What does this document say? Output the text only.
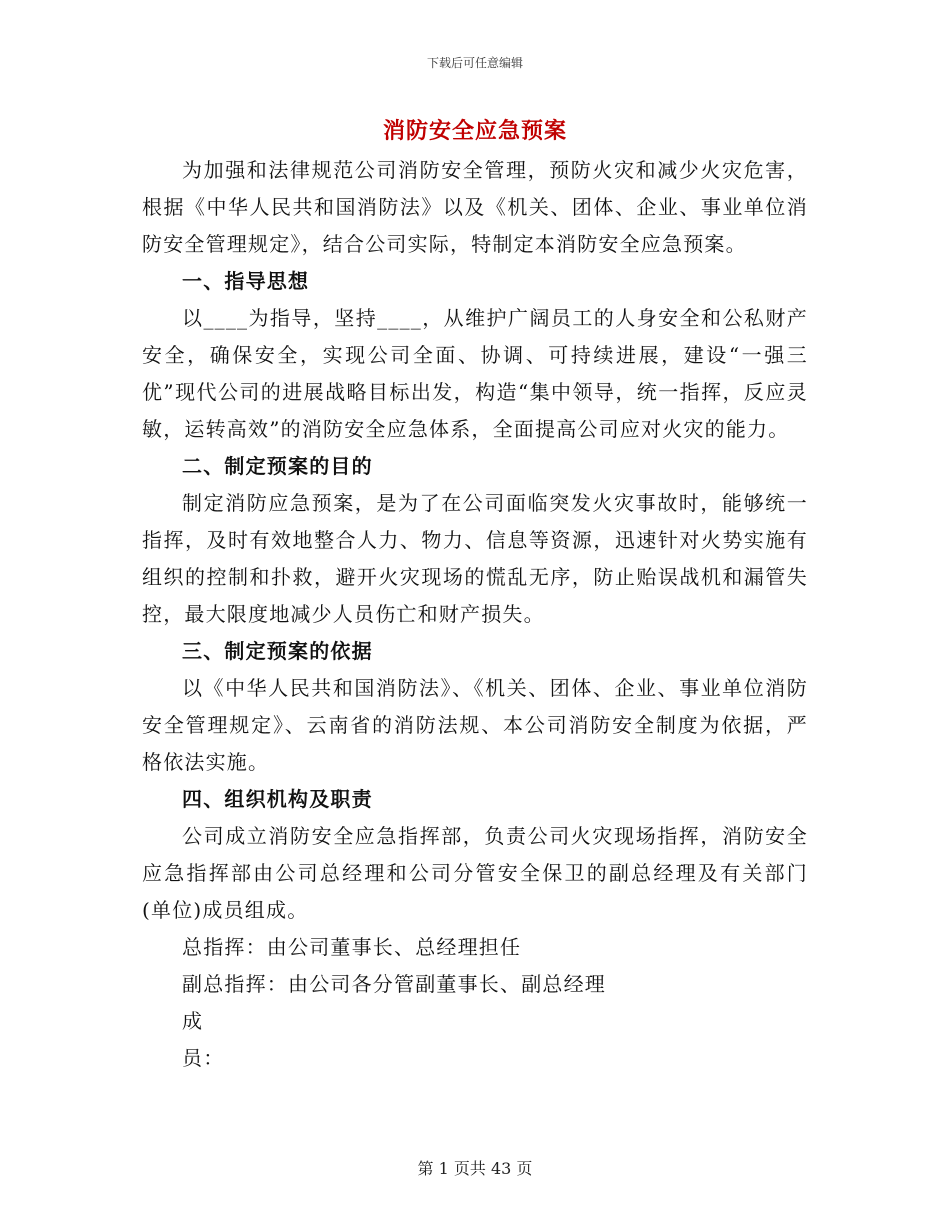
下载后可任意编辑
消防安全应急预案

为加强和法律规范公司消防安全管理，预防火灾和减少火灾危害，根据《中华人民共和国消防法》以及《机关、团体、企业、事业单位消防安全管理规定》，结合公司实际，特制定本消防安全应急预案。

一、指导思想

以____为指导，坚持____，从维护广阔员工的人身安全和公私财产安全，确保安全，实现公司全面、协调、可持续进展，建设“一强三优”现代公司的进展战略目标出发，构造“集中领导，统一指挥，反应灵敏，运转高效”的消防安全应急体系，全面提高公司应对火灾的能力。

二、制定预案的目的

制定消防应急预案，是为了在公司面临突发火灾事故时，能够统一指挥，及时有效地整合人力、物力、信息等资源，迅速针对火势实施有组织的控制和扑救，避开火灾现场的慌乱无序，防止贻误战机和漏管失控，最大限度地减少人员伤亡和财产损失。

三、制定预案的依据

以《中华人民共和国消防法》、《机关、团体、企业、事业单位消防安全管理规定》、云南省的消防法规、本公司消防安全制度为依据，严格依法实施。

四、组织机构及职责

公司成立消防安全应急指挥部，负责公司火灾现场指挥，消防安全应急指挥部由公司总经理和公司分管安全保卫的副总经理及有关部门(单位)成员组成。

总指挥：由公司董事长、总经理担任

副总指挥：由公司各分管副董事长、副总经理

成

员：

第 1 页共 43 页
